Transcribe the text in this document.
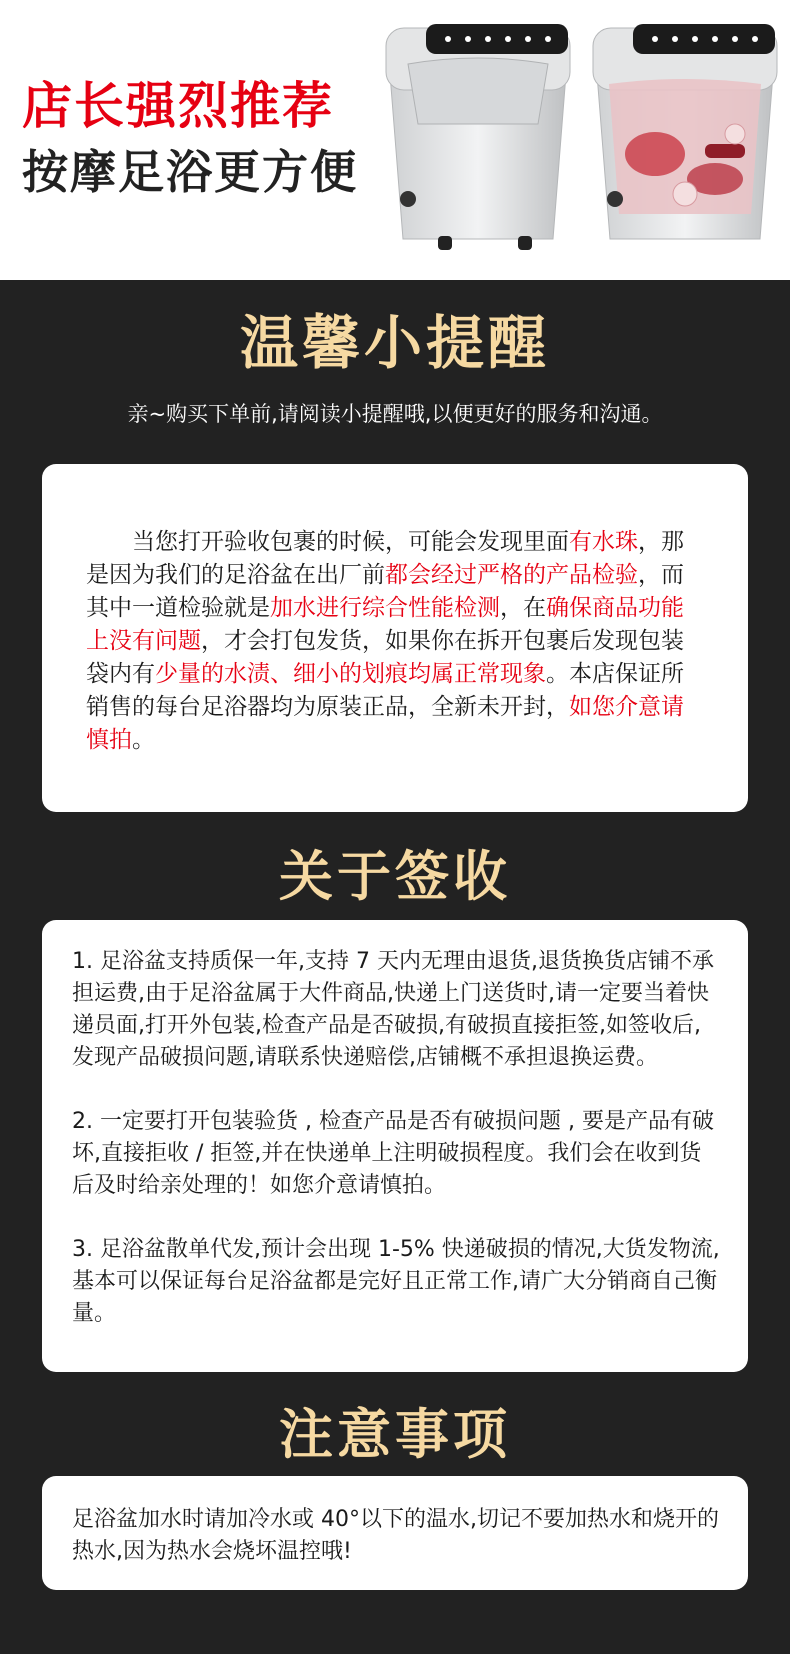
店长强烈推荐
按摩足浴更方便
温馨小提醒
亲~购买下单前,请阅读小提醒哦,以便更好的服务和沟通。

当您打开验收包裹的时候，可能会发现里面有水珠，那是因为我们的足浴盆在出厂前都会经过严格的产品检验，而其中一道检验就是加水进行综合性能检测，在确保商品功能上没有问题，才会打包发货，如果你在拆开包裹后发现包装袋内有少量的水渍、细小的划痕均属正常现象。本店保证所销售的每台足浴器均为原装正品，全新未开封，如您介意请慎拍。

关于签收

1. 足浴盆支持质保一年,支持 7 天内无理由退货,退货换货店铺不承担运费,由于足浴盆属于大件商品,快递上门送货时,请一定要当着快递员面,打开外包装,检查产品是否破损,有破损直接拒签,如签收后,发现产品破损问题,请联系快递赔偿,店铺概不承担退换运费。

2. 一定要打开包装验货 , 检查产品是否有破损问题 , 要是产品有破坏,直接拒收 / 拒签,并在快递单上注明破损程度。我们会在收到货后及时给亲处理的！如您介意请慎拍。

3. 足浴盆散单代发,预计会出现 1-5% 快递破损的情况,大货发物流,基本可以保证每台足浴盆都是完好且正常工作,请广大分销商自己衡量。

注意事项

足浴盆加水时请加冷水或 40°以下的温水,切记不要加热水和烧开的热水,因为热水会烧坏温控哦!
